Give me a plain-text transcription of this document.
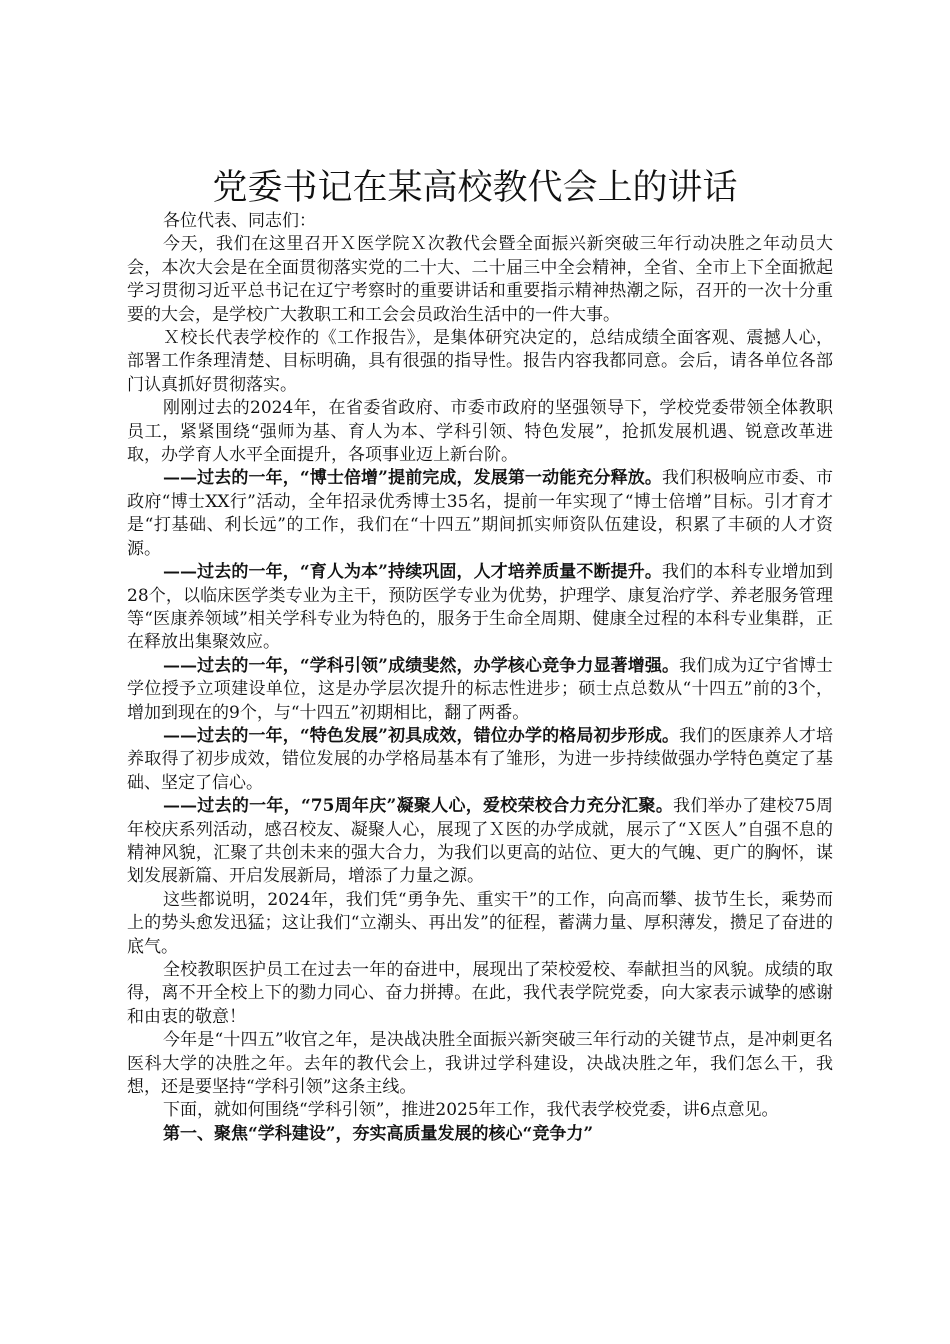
党委书记在某高校教代会上的讲话

各位代表、同志们：

今天，我们在这里召开Ｘ医学院Ｘ次教代会暨全面振兴新突破三年行动决胜之年动员大会，本次大会是在全面贯彻落实党的二十大、二十届三中全会精神，全省、全市上下全面掀起学习贯彻习近平总书记在辽宁考察时的重要讲话和重要指示精神热潮之际，召开的一次十分重要的大会，是学校广大教职工和工会会员政治生活中的一件大事。

Ｘ校长代表学校作的《工作报告》，是集体研究决定的，总结成绩全面客观、震撼人心，部署工作条理清楚、目标明确，具有很强的指导性。报告内容我都同意。会后，请各单位各部门认真抓好贯彻落实。

刚刚过去的2024年，在省委省政府、市委市政府的坚强领导下，学校党委带领全体教职员工，紧紧围绕“强师为基、育人为本、学科引领、特色发展”，抢抓发展机遇、锐意改革进取，办学育人水平全面提升，各项事业迈上新台阶。

——过去的一年，“博士倍增”提前完成，发展第一动能充分释放。我们积极响应市委、市政府“博士XX行”活动，全年招录优秀博士35名，提前一年实现了“博士倍增”目标。引才育才是“打基础、利长远”的工作，我们在“十四五”期间抓实师资队伍建设，积累了丰硕的人才资源。

——过去的一年，“育人为本”持续巩固，人才培养质量不断提升。我们的本科专业增加到28个，以临床医学类专业为主干，预防医学专业为优势，护理学、康复治疗学、养老服务管理等“医康养领域”相关学科专业为特色的，服务于生命全周期、健康全过程的本科专业集群，正在释放出集聚效应。

——过去的一年，“学科引领”成绩斐然，办学核心竞争力显著增强。我们成为辽宁省博士学位授予立项建设单位，这是办学层次提升的标志性进步；硕士点总数从“十四五”前的3个，增加到现在的9个，与“十四五”初期相比，翻了两番。

——过去的一年，“特色发展”初具成效，错位办学的格局初步形成。我们的医康养人才培养取得了初步成效，错位发展的办学格局基本有了雏形，为进一步持续做强办学特色奠定了基础、坚定了信心。

——过去的一年，“75周年庆”凝聚人心，爱校荣校合力充分汇聚。我们举办了建校75周年校庆系列活动，感召校友、凝聚人心，展现了Ｘ医的办学成就，展示了“Ｘ医人”自强不息的精神风貌，汇聚了共创未来的强大合力，为我们以更高的站位、更大的气魄、更广的胸怀，谋划发展新篇、开启发展新局，增添了力量之源。

这些都说明，2024年，我们凭“勇争先、重实干”的工作，向高而攀、拔节生长，乘势而上的势头愈发迅猛；这让我们“立潮头、再出发”的征程，蓄满力量、厚积薄发，攒足了奋进的底气。

全校教职医护员工在过去一年的奋进中，展现出了荣校爱校、奉献担当的风貌。成绩的取得，离不开全校上下的勠力同心、奋力拼搏。在此，我代表学院党委，向大家表示诚挚的感谢和由衷的敬意！

今年是“十四五”收官之年，是决战决胜全面振兴新突破三年行动的关键节点，是冲刺更名医科大学的决胜之年。去年的教代会上，我讲过学科建设，决战决胜之年，我们怎么干，我想，还是要坚持“学科引领”这条主线。

下面，就如何围绕“学科引领”，推进2025年工作，我代表学校党委，讲6点意见。

第一、聚焦“学科建设”，夯实高质量发展的核心“竞争力”
